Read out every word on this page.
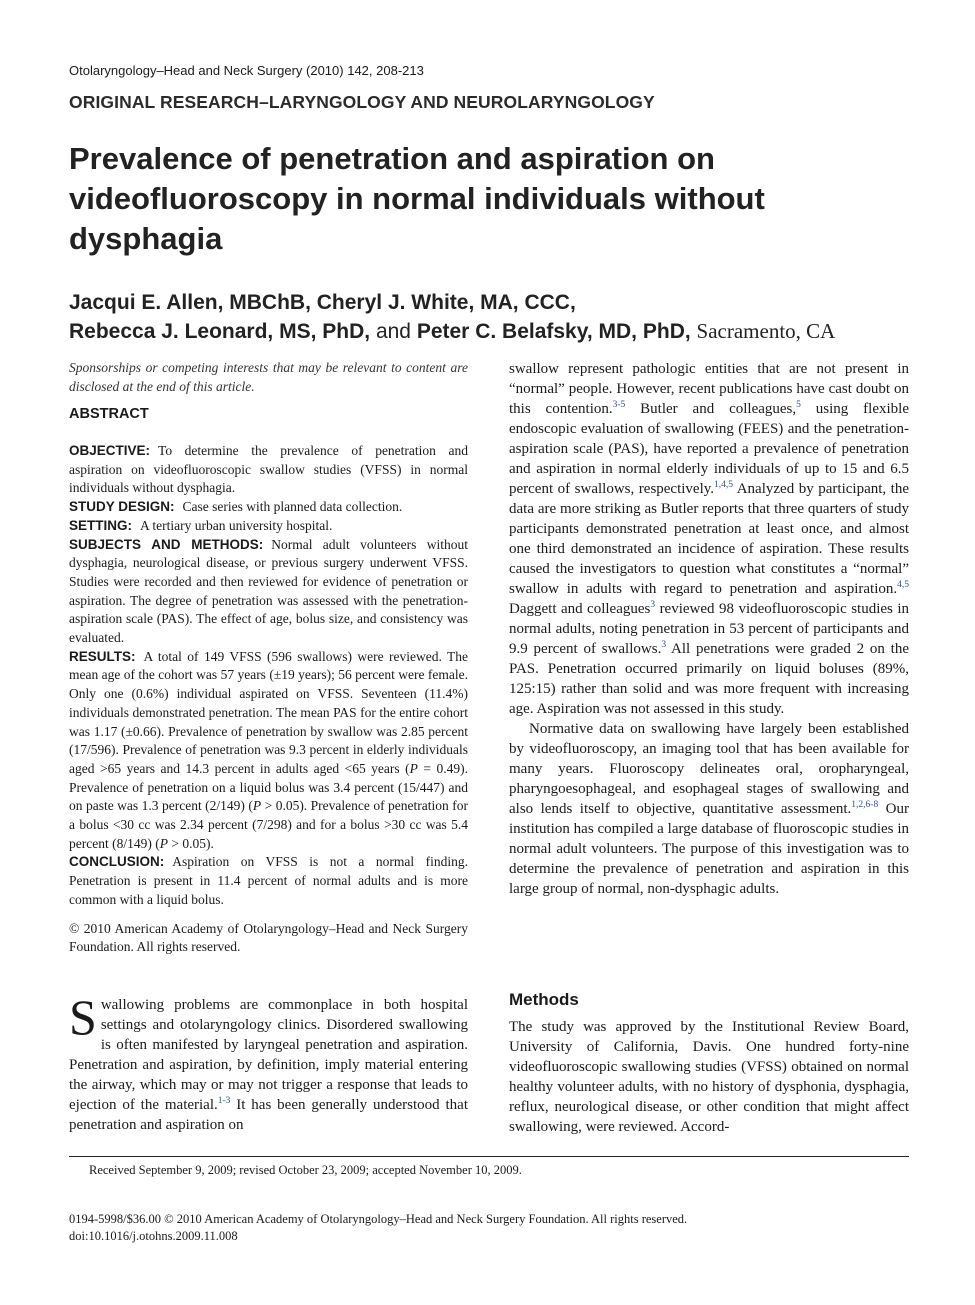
Otolaryngology–Head and Neck Surgery (2010) 142, 208-213
ORIGINAL RESEARCH–LARYNGOLOGY AND NEUROLARYNGOLOGY
Prevalence of penetration and aspiration on videofluoroscopy in normal individuals without dysphagia
Jacqui E. Allen, MBChB, Cheryl J. White, MA, CCC,
Rebecca J. Leonard, MS, PhD, and Peter C. Belafsky, MD, PhD, Sacramento, CA
Sponsorships or competing interests that may be relevant to content are disclosed at the end of this article.
ABSTRACT

OBJECTIVE: To determine the prevalence of penetration and aspiration on videofluoroscopic swallow studies (VFSS) in normal individuals without dysphagia.

STUDY DESIGN: Case series with planned data collection.

SETTING: A tertiary urban university hospital.

SUBJECTS AND METHODS: Normal adult volunteers without dysphagia, neurological disease, or previous surgery underwent VFSS. Studies were recorded and then reviewed for evidence of penetration or aspiration. The degree of penetration was assessed with the penetration-aspiration scale (PAS). The effect of age, bolus size, and consistency was evaluated.

RESULTS: A total of 149 VFSS (596 swallows) were reviewed. The mean age of the cohort was 57 years (±19 years); 56 percent were female. Only one (0.6%) individual aspirated on VFSS. Seventeen (11.4%) individuals demonstrated penetration. The mean PAS for the entire cohort was 1.17 (±0.66). Prevalence of penetration by swallow was 2.85 percent (17/596). Prevalence of penetration was 9.3 percent in elderly individuals aged >65 years and 14.3 percent in adults aged <65 years (P = 0.49). Prevalence of penetration on a liquid bolus was 3.4 percent (15/447) and on paste was 1.3 percent (2/149) (P > 0.05). Prevalence of penetration for a bolus <30 cc was 2.34 percent (7/298) and for a bolus >30 cc was 5.4 percent (8/149) (P > 0.05).

CONCLUSION: Aspiration on VFSS is not a normal finding. Penetration is present in 11.4 percent of normal adults and is more common with a liquid bolus.

© 2010 American Academy of Otolaryngology–Head and Neck Surgery Foundation. All rights reserved.

Swallowing problems are commonplace in both hospital settings and otolaryngology clinics. Disordered swallowing is often manifested by laryngeal penetration and aspiration. Penetration and aspiration, by definition, imply material entering the airway, which may or may not trigger a response that leads to ejection of the material.$^{1-3}$ It has been generally understood that penetration and aspiration on

swallow represent pathologic entities that are not present in “normal” people. However, recent publications have cast doubt on this contention.$^{3-5}$ Butler and colleagues,$^5$ using flexible endoscopic evaluation of swallowing (FEES) and the penetration-aspiration scale (PAS), have reported a prevalence of penetration and aspiration in normal elderly individuals of up to 15 and 6.5 percent of swallows, respectively.$^{1,4,5}$ Analyzed by participant, the data are more striking as Butler reports that three quarters of study participants demonstrated penetration at least once, and almost one third demonstrated an incidence of aspiration. These results caused the investigators to question what constitutes a “normal” swallow in adults with regard to penetration and aspiration.$^{4,5}$ Daggett and colleagues$^3$ reviewed 98 videofluoroscopic studies in normal adults, noting penetration in 53 percent of participants and 9.9 percent of swallows.$^3$ All penetrations were graded 2 on the PAS. Penetration occurred primarily on liquid boluses (89%, 125:15) rather than solid and was more frequent with increasing age. Aspiration was not assessed in this study.

Normative data on swallowing have largely been established by videofluoroscopy, an imaging tool that has been available for many years. Fluoroscopy delineates oral, oropharyngeal, pharyngoesophageal, and esophageal stages of swallowing and also lends itself to objective, quantitative assessment.$^{1,2,6-8}$ Our institution has compiled a large database of fluoroscopic studies in normal adult volunteers. The purpose of this investigation was to determine the prevalence of penetration and aspiration in this large group of normal, non-dysphagic adults.

Methods
The study was approved by the Institutional Review Board, University of California, Davis. One hundred forty-nine videofluoroscopic swallowing studies (VFSS) obtained on normal healthy volunteer adults, with no history of dysphonia, dysphagia, reflux, neurological disease, or other condition that might affect swallowing, were reviewed. Accord-
Received September 9, 2009; revised October 23, 2009; accepted November 10, 2009.
0194-5998/$36.00 © 2010 American Academy of Otolaryngology–Head and Neck Surgery Foundation. All rights reserved.
doi:10.1016/j.otohns.2009.11.008
